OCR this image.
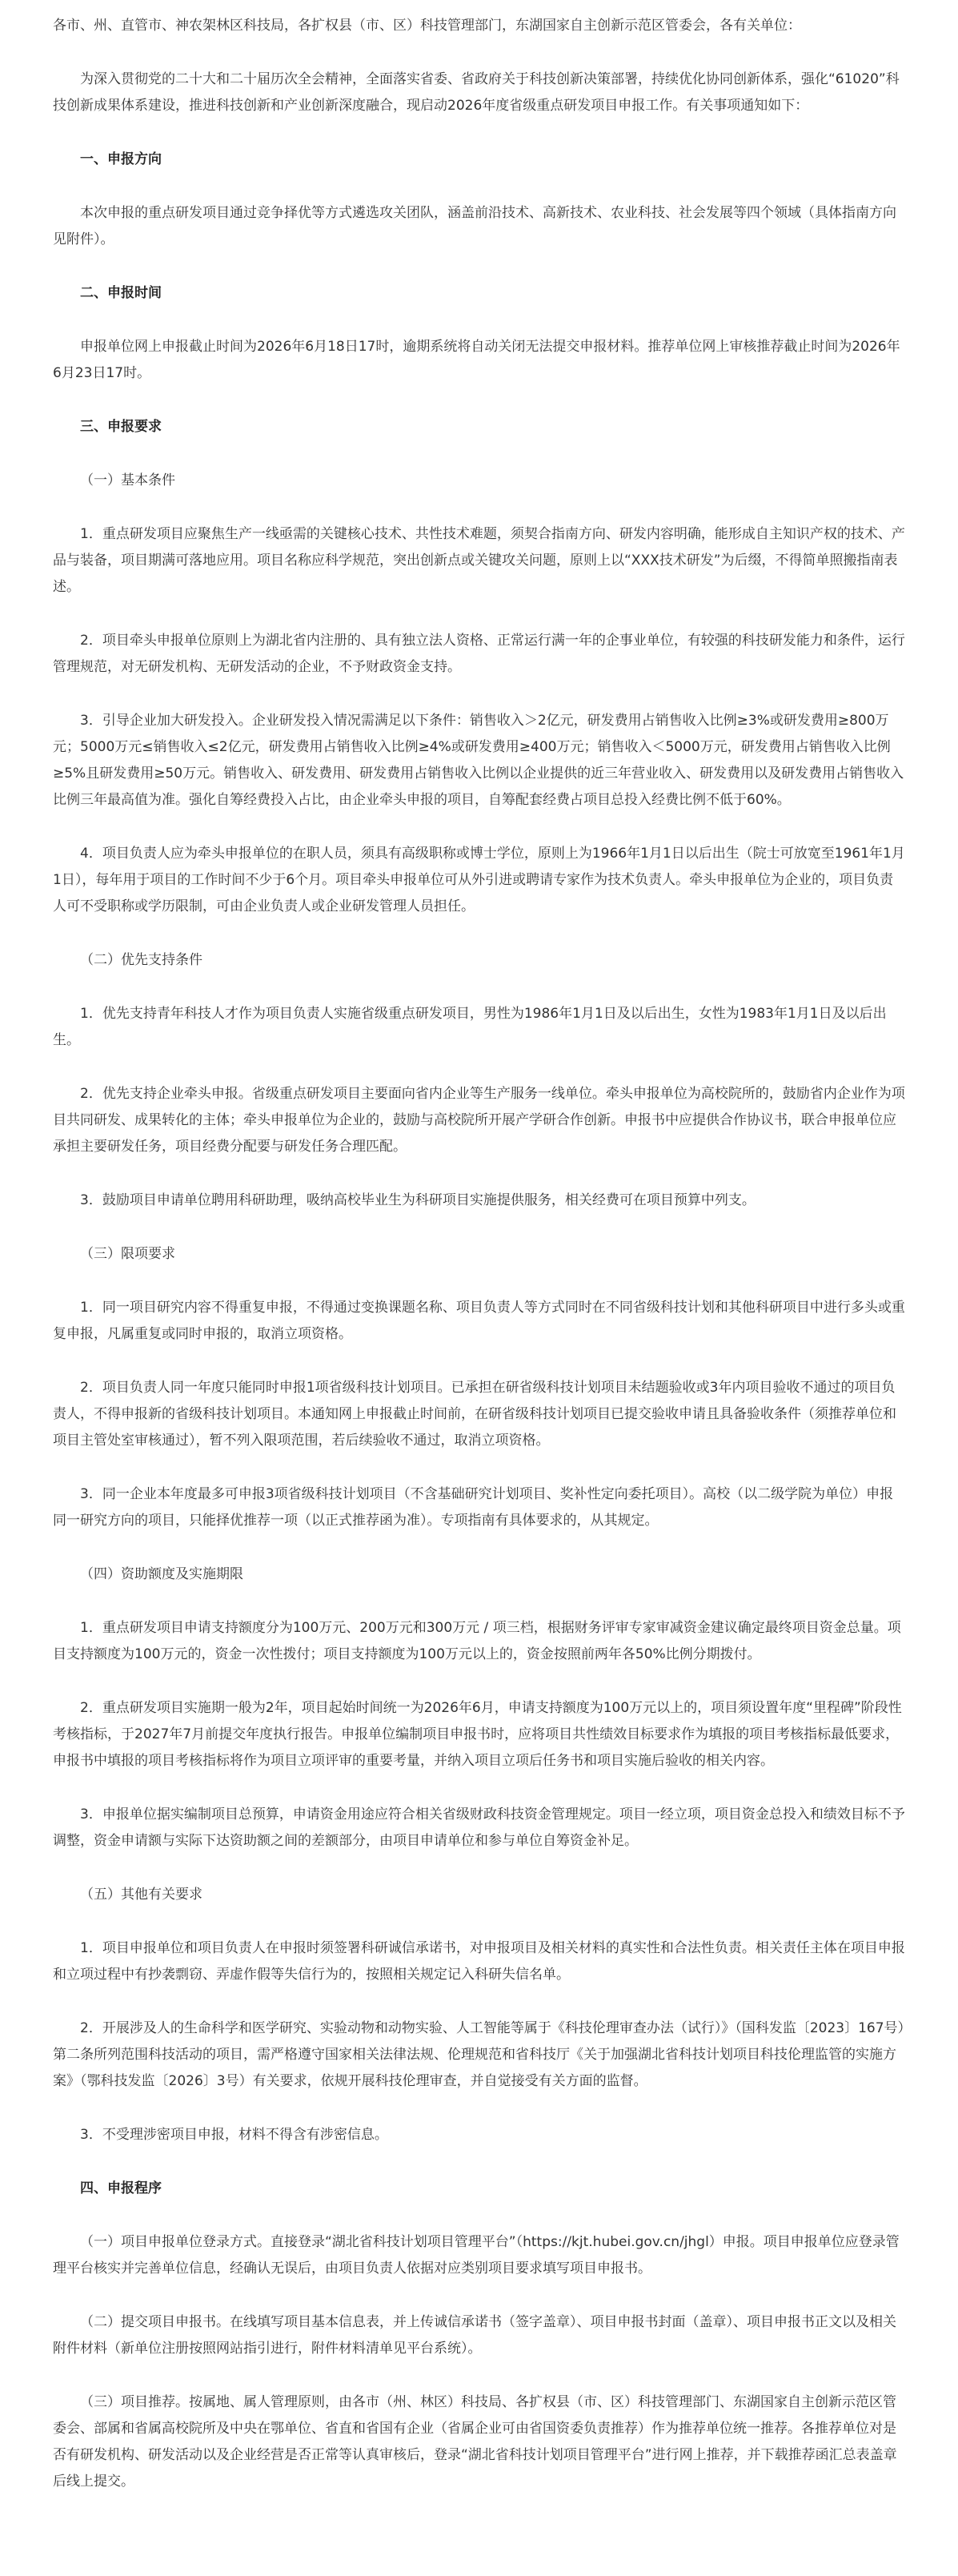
各市、州、直管市、神农架林区科技局，各扩权县（市、区）科技管理部门，东湖国家自主创新示范区管委会，各有关单位：

为深入贯彻党的二十大和二十届历次全会精神，全面落实省委、省政府关于科技创新决策部署，持续优化协同创新体系，强化“61020”科技创新成果体系建设，推进科技创新和产业创新深度融合，现启动2026年度省级重点研发项目申报工作。有关事项通知如下：

一、申报方向

本次申报的重点研发项目通过竞争择优等方式遴选攻关团队，涵盖前沿技术、高新技术、农业科技、社会发展等四个领域（具体指南方向见附件）。

二、申报时间

申报单位网上申报截止时间为2026年6月18日17时，逾期系统将自动关闭无法提交申报材料。推荐单位网上审核推荐截止时间为2026年6月23日17时。

三、申报要求

（一）基本条件

1．重点研发项目应聚焦生产一线亟需的关键核心技术、共性技术难题，须契合指南方向、研发内容明确，能形成自主知识产权的技术、产品与装备，项目期满可落地应用。项目名称应科学规范，突出创新点或关键攻关问题，原则上以“XXX技术研发”为后缀，不得简单照搬指南表述。

2．项目牵头申报单位原则上为湖北省内注册的、具有独立法人资格、正常运行满一年的企事业单位，有较强的科技研发能力和条件，运行管理规范，对无研发机构、无研发活动的企业，不予财政资金支持。

3．引导企业加大研发投入。企业研发投入情况需满足以下条件：销售收入＞2亿元，研发费用占销售收入比例≥3%或研发费用≥800万元；5000万元≤销售收入≤2亿元，研发费用占销售收入比例≥4%或研发费用≥400万元；销售收入＜5000万元，研发费用占销售收入比例≥5%且研发费用≥50万元。销售收入、研发费用、研发费用占销售收入比例以企业提供的近三年营业收入、研发费用以及研发费用占销售收入比例三年最高值为准。强化自筹经费投入占比，由企业牵头申报的项目，自筹配套经费占项目总投入经费比例不低于60%。

4．项目负责人应为牵头申报单位的在职人员，须具有高级职称或博士学位，原则上为1966年1月1日以后出生（院士可放宽至1961年1月1日），每年用于项目的工作时间不少于6个月。项目牵头申报单位可从外引进或聘请专家作为技术负责人。牵头申报单位为企业的，项目负责人可不受职称或学历限制，可由企业负责人或企业研发管理人员担任。

（二）优先支持条件

1．优先支持青年科技人才作为项目负责人实施省级重点研发项目，男性为1986年1月1日及以后出生，女性为1983年1月1日及以后出生。

2．优先支持企业牵头申报。省级重点研发项目主要面向省内企业等生产服务一线单位。牵头申报单位为高校院所的，鼓励省内企业作为项目共同研发、成果转化的主体；牵头申报单位为企业的，鼓励与高校院所开展产学研合作创新。申报书中应提供合作协议书，联合申报单位应承担主要研发任务，项目经费分配要与研发任务合理匹配。

3．鼓励项目申请单位聘用科研助理，吸纳高校毕业生为科研项目实施提供服务，相关经费可在项目预算中列支。

（三）限项要求

1．同一项目研究内容不得重复申报，不得通过变换课题名称、项目负责人等方式同时在不同省级科技计划和其他科研项目中进行多头或重复申报，凡属重复或同时申报的，取消立项资格。

2．项目负责人同一年度只能同时申报1项省级科技计划项目。已承担在研省级科技计划项目未结题验收或3年内项目验收不通过的项目负责人，不得申报新的省级科技计划项目。本通知网上申报截止时间前，在研省级科技计划项目已提交验收申请且具备验收条件（须推荐单位和项目主管处室审核通过），暂不列入限项范围，若后续验收不通过，取消立项资格。

3．同一企业本年度最多可申报3项省级科技计划项目（不含基础研究计划项目、奖补性定向委托项目）。高校（以二级学院为单位）申报同一研究方向的项目，只能择优推荐一项（以正式推荐函为准）。专项指南有具体要求的，从其规定。

（四）资助额度及实施期限

1．重点研发项目申请支持额度分为100万元、200万元和300万元 / 项三档，根据财务评审专家审减资金建议确定最终项目资金总量。项目支持额度为100万元的，资金一次性拨付；项目支持额度为100万元以上的，资金按照前两年各50%比例分期拨付。

2．重点研发项目实施期一般为2年，项目起始时间统一为2026年6月，申请支持额度为100万元以上的，项目须设置年度“里程碑”阶段性考核指标，于2027年7月前提交年度执行报告。申报单位编制项目申报书时，应将项目共性绩效目标要求作为填报的项目考核指标最低要求，申报书中填报的项目考核指标将作为项目立项评审的重要考量，并纳入项目立项后任务书和项目实施后验收的相关内容。

3．申报单位据实编制项目总预算，申请资金用途应符合相关省级财政科技资金管理规定。项目一经立项，项目资金总投入和绩效目标不予调整，资金申请额与实际下达资助额之间的差额部分，由项目申请单位和参与单位自筹资金补足。

（五）其他有关要求

1．项目申报单位和项目负责人在申报时须签署科研诚信承诺书，对申报项目及相关材料的真实性和合法性负责。相关责任主体在项目申报和立项过程中有抄袭剽窃、弄虚作假等失信行为的，按照相关规定记入科研失信名单。

2．开展涉及人的生命科学和医学研究、实验动物和动物实验、人工智能等属于《科技伦理审查办法（试行）》（国科发监〔2023〕167号）第二条所列范围科技活动的项目，需严格遵守国家相关法律法规、伦理规范和省科技厅《关于加强湖北省科技计划项目科技伦理监管的实施方案》（鄂科技发监〔2026〕3号）有关要求，依规开展科技伦理审查，并自觉接受有关方面的监督。

3．不受理涉密项目申报，材料不得含有涉密信息。

四、申报程序

（一）项目申报单位登录方式。直接登录“湖北省科技计划项目管理平台”（https://kjt.hubei.gov.cn/jhgl）申报。项目申报单位应登录管理平台核实并完善单位信息，经确认无误后，由项目负责人依据对应类别项目要求填写项目申报书。

（二）提交项目申报书。在线填写项目基本信息表，并上传诚信承诺书（签字盖章）、项目申报书封面（盖章）、项目申报书正文以及相关附件材料（新单位注册按照网站指引进行，附件材料清单见平台系统）。

（三）项目推荐。按属地、属人管理原则，由各市（州、林区）科技局、各扩权县（市、区）科技管理部门、东湖国家自主创新示范区管委会、部属和省属高校院所及中央在鄂单位、省直和省国有企业（省属企业可由省国资委负责推荐）作为推荐单位统一推荐。各推荐单位对是否有研发机构、研发活动以及企业经营是否正常等认真审核后，登录“湖北省科技计划项目管理平台”进行网上推荐，并下载推荐函汇总表盖章后线上提交。
